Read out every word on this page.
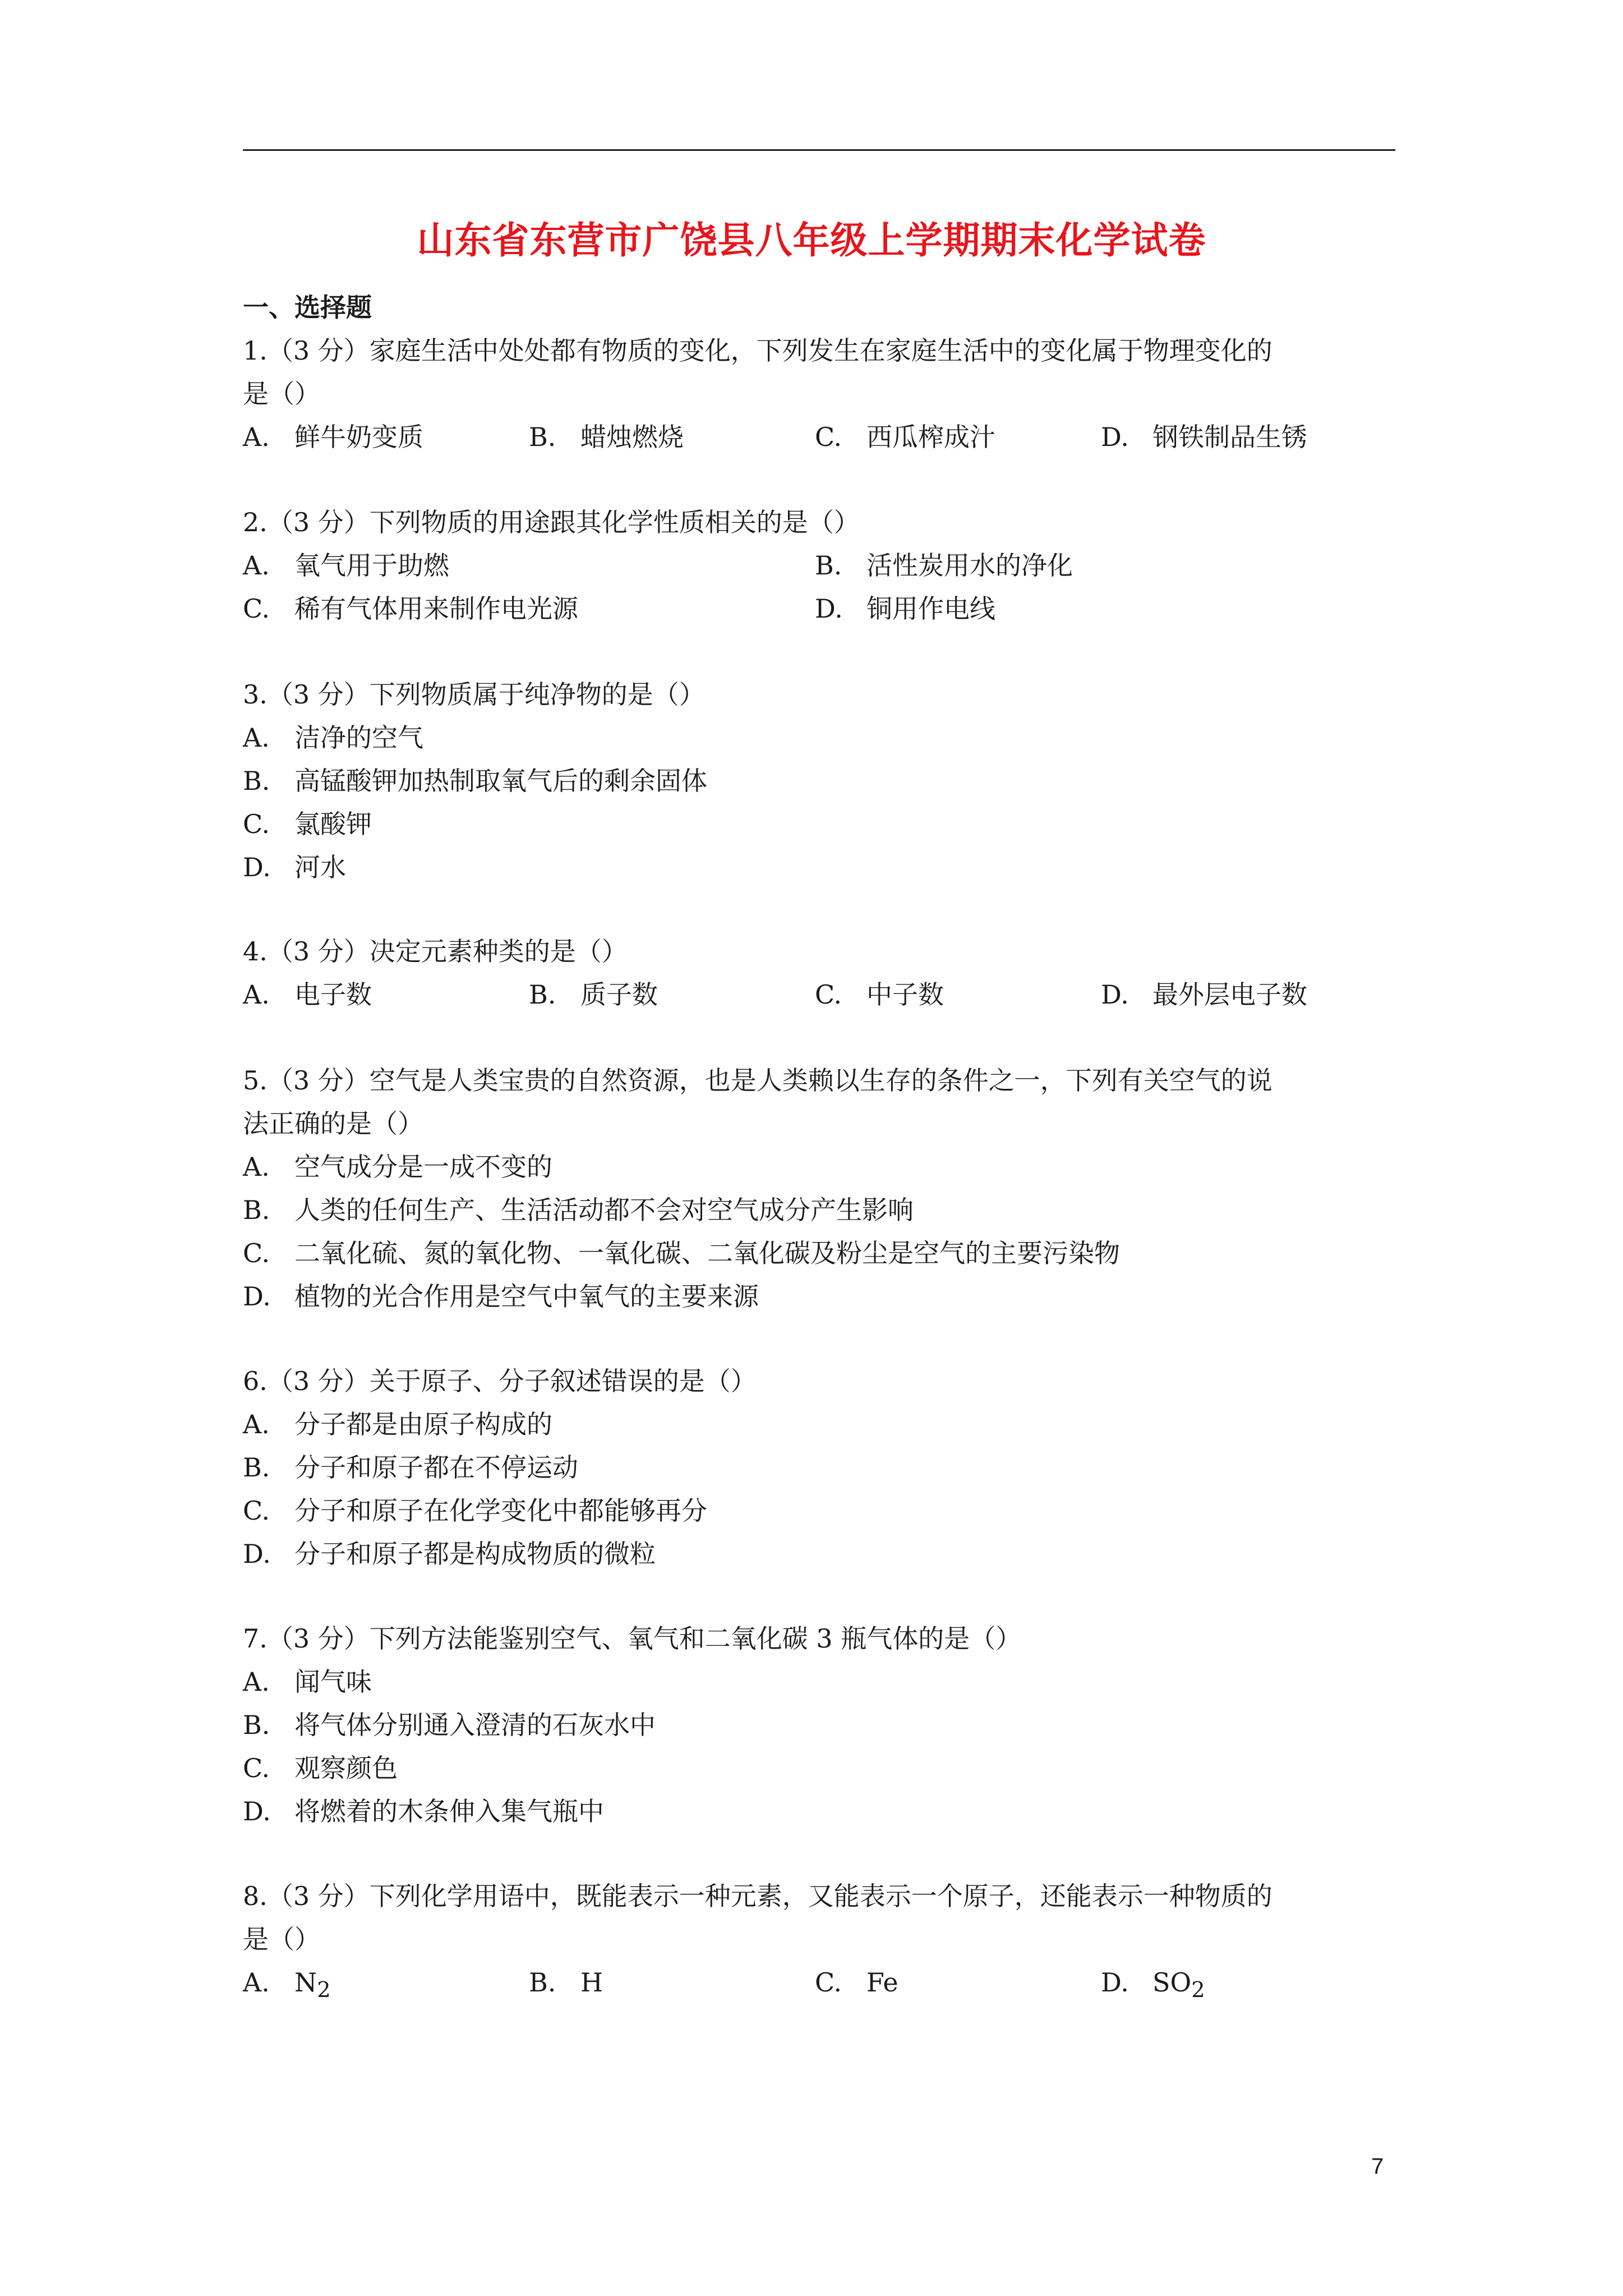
山东省东营市广饶县八年级上学期期末化学试卷
一、选择题

1.（3 分）家庭生活中处处都有物质的变化，下列发生在家庭生活中的变化属于物理变化的

是（）

A. 鲜牛奶变质	B. 蜡烛燃烧	C. 西瓜榨成汁	D. 钢铁制品生锈

2.（3 分）下列物质的用途跟其化学性质相关的是（）

A. 氧气用于助燃	B. 活性炭用水的净化
C. 稀有气体用来制作电光源	D. 铜用作电线

3.（3 分）下列物质属于纯净物的是（）

A. 洁净的空气
B. 高锰酸钾加热制取氧气后的剩余固体
C. 氯酸钾
D. 河水

4.（3 分）决定元素种类的是（）

A. 电子数	B. 质子数	C. 中子数	D. 最外层电子数

5.（3 分）空气是人类宝贵的自然资源，也是人类赖以生存的条件之一，下列有关空气的说

法正确的是（）

A. 空气成分是一成不变的
B. 人类的任何生产、生活活动都不会对空气成分产生影响
C. 二氧化硫、氮的氧化物、一氧化碳、二氧化碳及粉尘是空气的主要污染物
D. 植物的光合作用是空气中氧气的主要来源

6.（3 分）关于原子、分子叙述错误的是（）

A. 分子都是由原子构成的
B. 分子和原子都在不停运动
C. 分子和原子在化学变化中都能够再分
D. 分子和原子都是构成物质的微粒

7.（3 分）下列方法能鉴别空气、氧气和二氧化碳 3 瓶气体的是（）

A. 闻气味
B. 将气体分别通入澄清的石灰水中
C. 观察颜色
D. 将燃着的木条伸入集气瓶中

8.（3 分）下列化学用语中，既能表示一种元素，又能表示一个原子，还能表示一种物质的

是（）

A. $N_2$	B. H	C. Fe	D. $SO_2$
7
